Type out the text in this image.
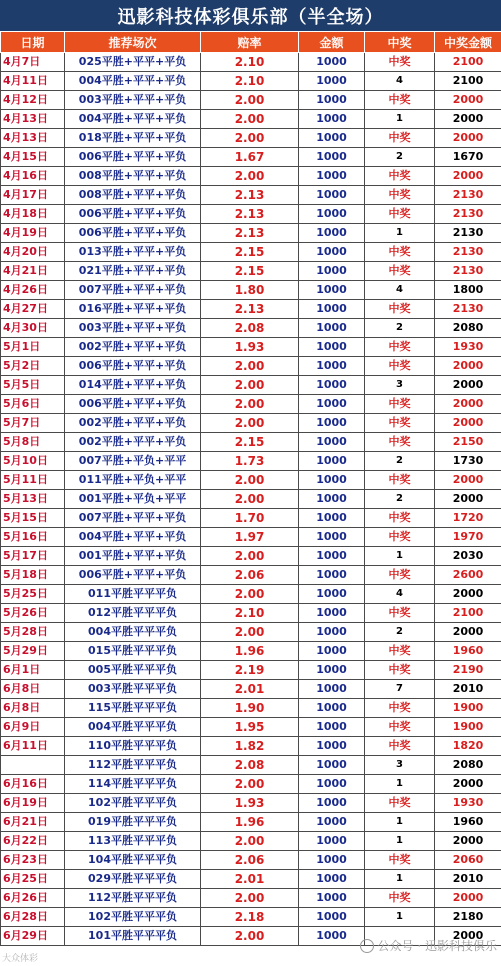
迅影科技体彩俱乐部（半全场）
日期	推荐场次	赔率	金额	中奖	中奖金额
4月7日	025平胜+平平+平负	2.10	1000	中奖	2100
4月11日	004平胜+平平+平负	2.10	1000	4	2100
4月12日	003平胜+平平+平负	2.00	1000	中奖	2000
4月13日	004平胜+平平+平负	2.00	1000	1	2000
4月13日	018平胜+平平+平负	2.00	1000	中奖	2000
4月15日	006平胜+平平+平负	1.67	1000	2	1670
4月16日	008平胜+平平+平负	2.00	1000	中奖	2000
4月17日	008平胜+平平+平负	2.13	1000	中奖	2130
4月18日	006平胜+平平+平负	2.13	1000	中奖	2130
4月19日	006平胜+平平+平负	2.13	1000	1	2130
4月20日	013平胜+平平+平负	2.15	1000	中奖	2130
4月21日	021平胜+平平+平负	2.15	1000	中奖	2130
4月26日	007平胜+平平+平负	1.80	1000	4	1800
4月27日	016平胜+平平+平负	2.13	1000	中奖	2130
4月30日	003平胜+平平+平负	2.08	1000	2	2080
5月1日	002平胜+平平+平负	1.93	1000	中奖	1930
5月2日	006平胜+平平+平负	2.00	1000	中奖	2000
5月5日	014平胜+平平+平负	2.00	1000	3	2000
5月6日	006平胜+平平+平负	2.00	1000	中奖	2000
5月7日	002平胜+平平+平负	2.00	1000	中奖	2000
5月8日	002平胜+平平+平负	2.15	1000	中奖	2150
5月10日	007平胜+平负+平平	1.73	1000	2	1730
5月11日	011平胜+平负+平平	2.00	1000	中奖	2000
5月13日	001平胜+平负+平平	2.00	1000	2	2000
5月15日	007平胜+平平+平负	1.70	1000	中奖	1720
5月16日	004平胜+平平+平负	1.97	1000	中奖	1970
5月17日	001平胜+平平+平负	2.00	1000	1	2030
5月18日	006平胜+平平+平负	2.06	1000	中奖	2600
5月25日	011平胜平平平负	2.00	1000	4	2000
5月26日	012平胜平平平负	2.10	1000	中奖	2100
5月28日	004平胜平平平负	2.00	1000	2	2000
5月29日	015平胜平平平负	1.96	1000	中奖	1960
6月1日	005平胜平平平负	2.19	1000	中奖	2190
6月8日	003平胜平平平负	2.01	1000	7	2010
6月8日	115平胜平平平负	1.90	1000	中奖	1900
6月9日	004平胜平平平负	1.95	1000	中奖	1900
6月11日	110平胜平平平负	1.82	1000	中奖	1820
	112平胜平平平负	2.08	1000	3	2080
6月16日	114平胜平平平负	2.00	1000	1	2000
6月19日	102平胜平平平负	1.93	1000	中奖	1930
6月21日	019平胜平平平负	1.96	1000	1	1960
6月22日	113平胜平平平负	2.00	1000	1	2000
6月23日	104平胜平平平负	2.06	1000	中奖	2060
6月25日	029平胜平平平负	2.01	1000	1	2010
6月26日	112平胜平平平负	2.00	1000	中奖	2000
6月28日	102平胜平平平负	2.18	1000	1	2180
6月29日	101平胜平平平负	2.00	1000		2000
公众号 · 迅影科技俱乐
大众体彩
